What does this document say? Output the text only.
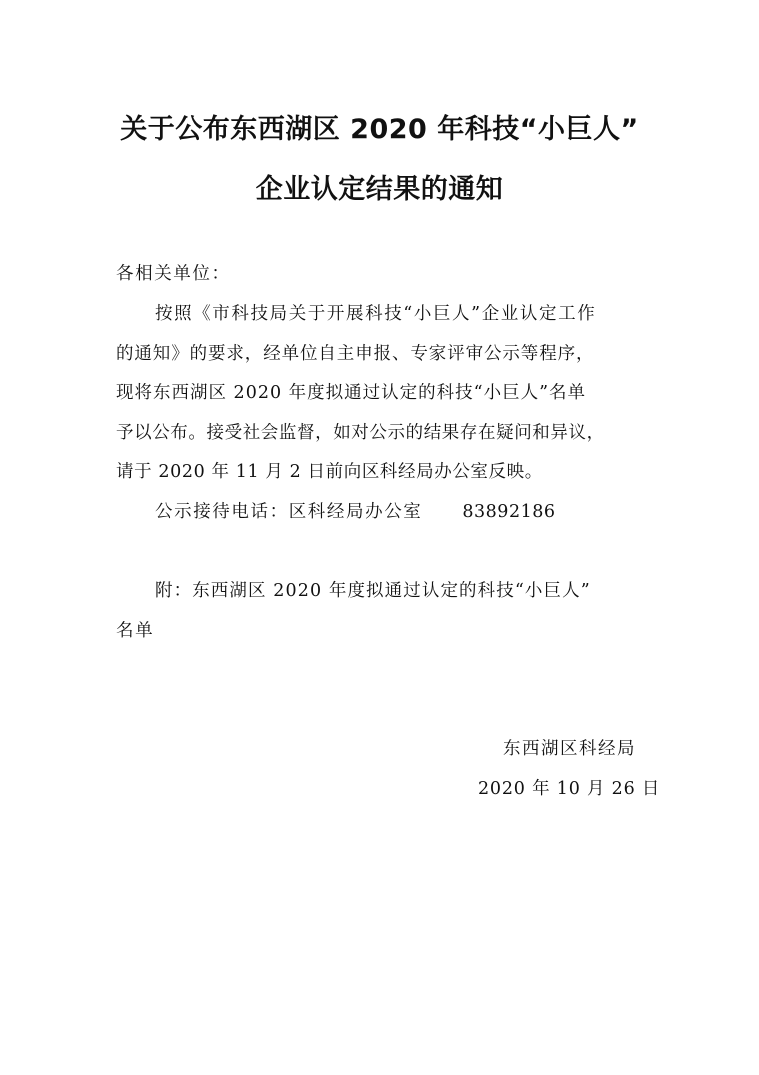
关于公布东西湖区 2020 年科技“小巨人”
企业认定结果的通知
各相关单位：
按照《市科技局关于开展科技“小巨人”企业认定工作
的通知》的要求，经单位自主申报、专家评审公示等程序，
现将东西湖区 2020 年度拟通过认定的科技“小巨人”名单
予以公布。接受社会监督，如对公示的结果存在疑问和异议，
请于 2020 年 11 月 2 日前向区科经局办公室反映。
公示接待电话：区科经局办公室 83892186
附：东西湖区 2020 年度拟通过认定的科技“小巨人”
名单
东西湖区科经局
2020 年 10 月 26 日
